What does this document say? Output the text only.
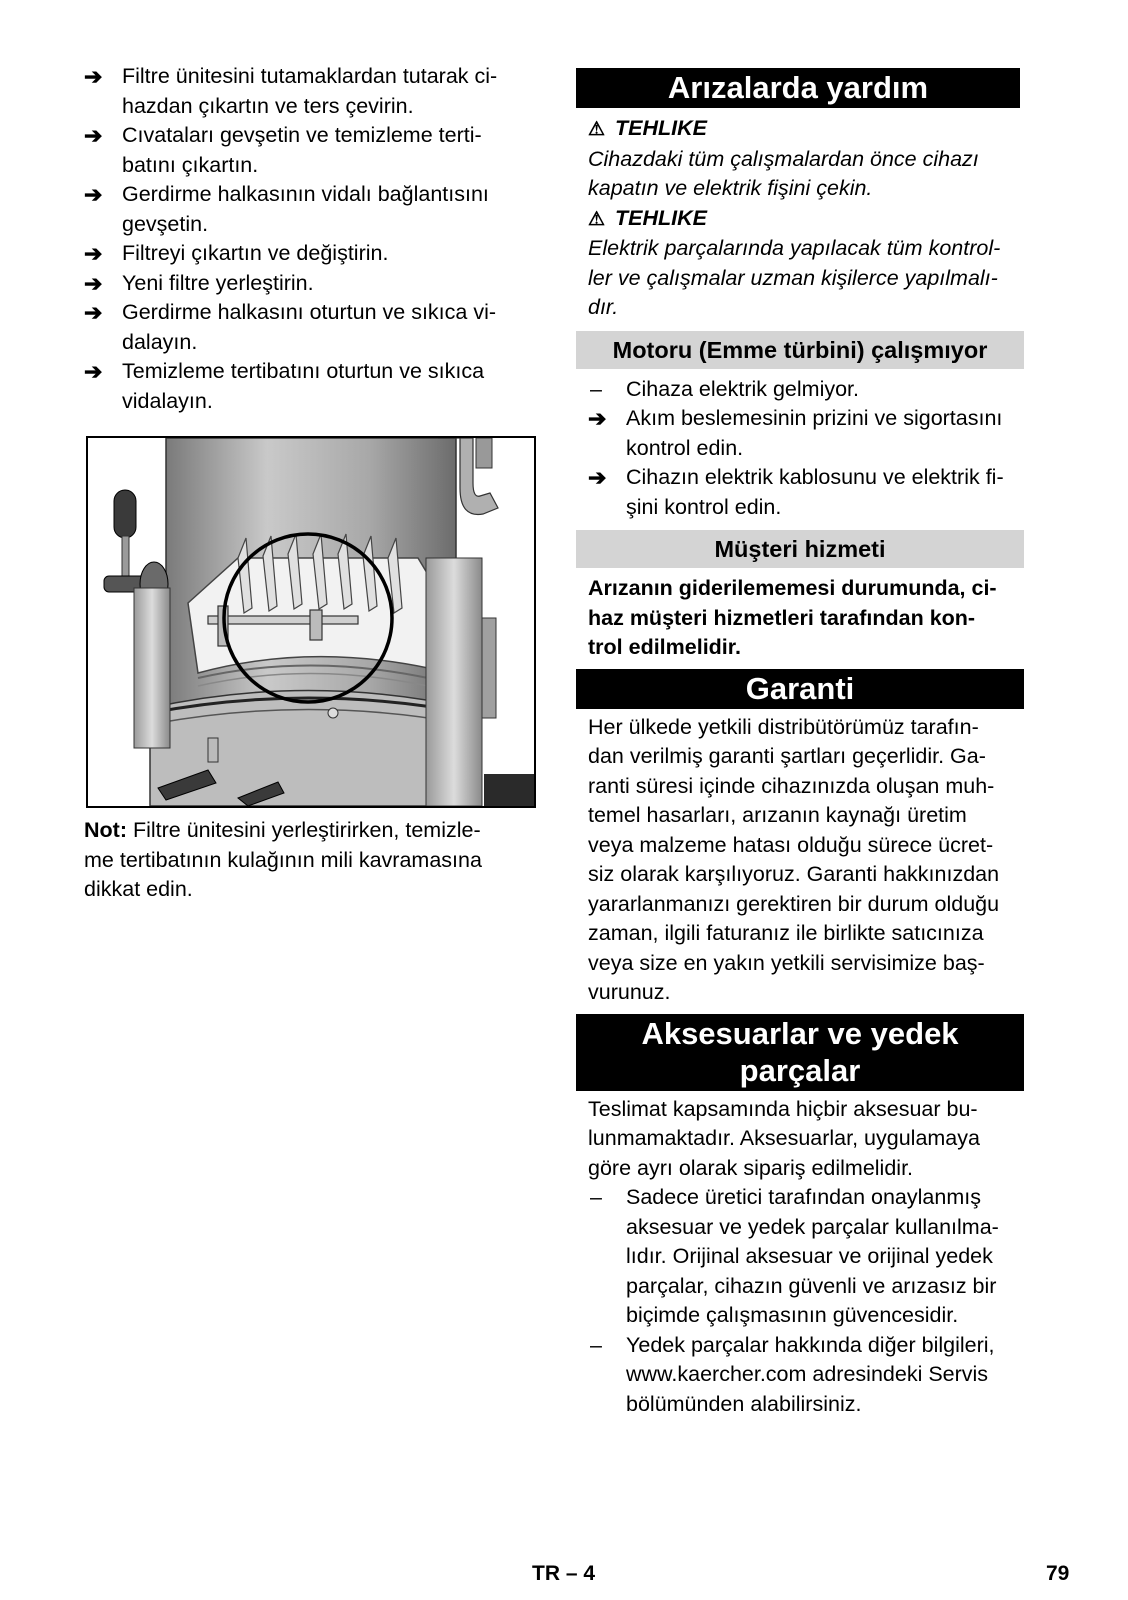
➔ Filtre ünitesini tutamaklardan tutarak ci-
hazdan çıkartın ve ters çevirin.
➔ Cıvataları gevşetin ve temizleme terti-
batını çıkartın.
➔ Gerdirme halkasının vidalı bağlantısını
gevşetin.
➔ Filtreyi çıkartın ve değiştirin.
➔ Yeni filtre yerleştirin.
➔ Gerdirme halkasını oturtun ve sıkıca vi-
dalayın.
➔ Temizleme tertibatını oturtun ve sıkıca
vidalayın.
Not: Filtre ünitesini yerleştirirken, temizle-
me tertibatının kulağının mili kavramasına
dikkat edin.
Arızalarda yardım
⚠ TEHLIKE
Cihazdaki tüm çalışmalardan önce cihazı
kapatın ve elektrik fişini çekin.
⚠ TEHLIKE
Elektrik parçalarında yapılacak tüm kontrol-
ler ve çalışmalar uzman kişilerce yapılmalı-
dır.
Motoru (Emme türbini) çalışmıyor
– Cihaza elektrik gelmiyor.
➔ Akım beslemesinin prizini ve sigortasını
kontrol edin.
➔ Cihazın elektrik kablosunu ve elektrik fi-
şini kontrol edin.
Müşteri hizmeti
Arızanın giderilememesi durumunda, ci-
haz müşteri hizmetleri tarafından kon-
trol edilmelidir.
Garanti
Her ülkede yetkili distribütörümüz tarafın-
dan verilmiş garanti şartları geçerlidir. Ga-
ranti süresi içinde cihazınızda oluşan muh-
temel hasarları, arızanın kaynağı üretim
veya malzeme hatası olduğu sürece ücret-
siz olarak karşılıyoruz. Garanti hakkınızdan
yararlanmanızı gerektiren bir durum olduğu
zaman, ilgili faturanız ile birlikte satıcınıza
veya size en yakın yetkili servisimize baş-
vurunuz.
Aksesuarlar ve yedek
parçalar
Teslimat kapsamında hiçbir aksesuar bu-
lunmamaktadır. Aksesuarlar, uygulamaya
göre ayrı olarak sipariş edilmelidir.
– Sadece üretici tarafından onaylanmış
aksesuar ve yedek parçalar kullanılma-
lıdır. Orijinal aksesuar ve orijinal yedek
parçalar, cihazın güvenli ve arızasız bir
biçimde çalışmasının güvencesidir.
– Yedek parçalar hakkında diğer bilgileri,
www.kaercher.com adresindeki Servis
bölümünden alabilirsiniz.
TR – 4	79
